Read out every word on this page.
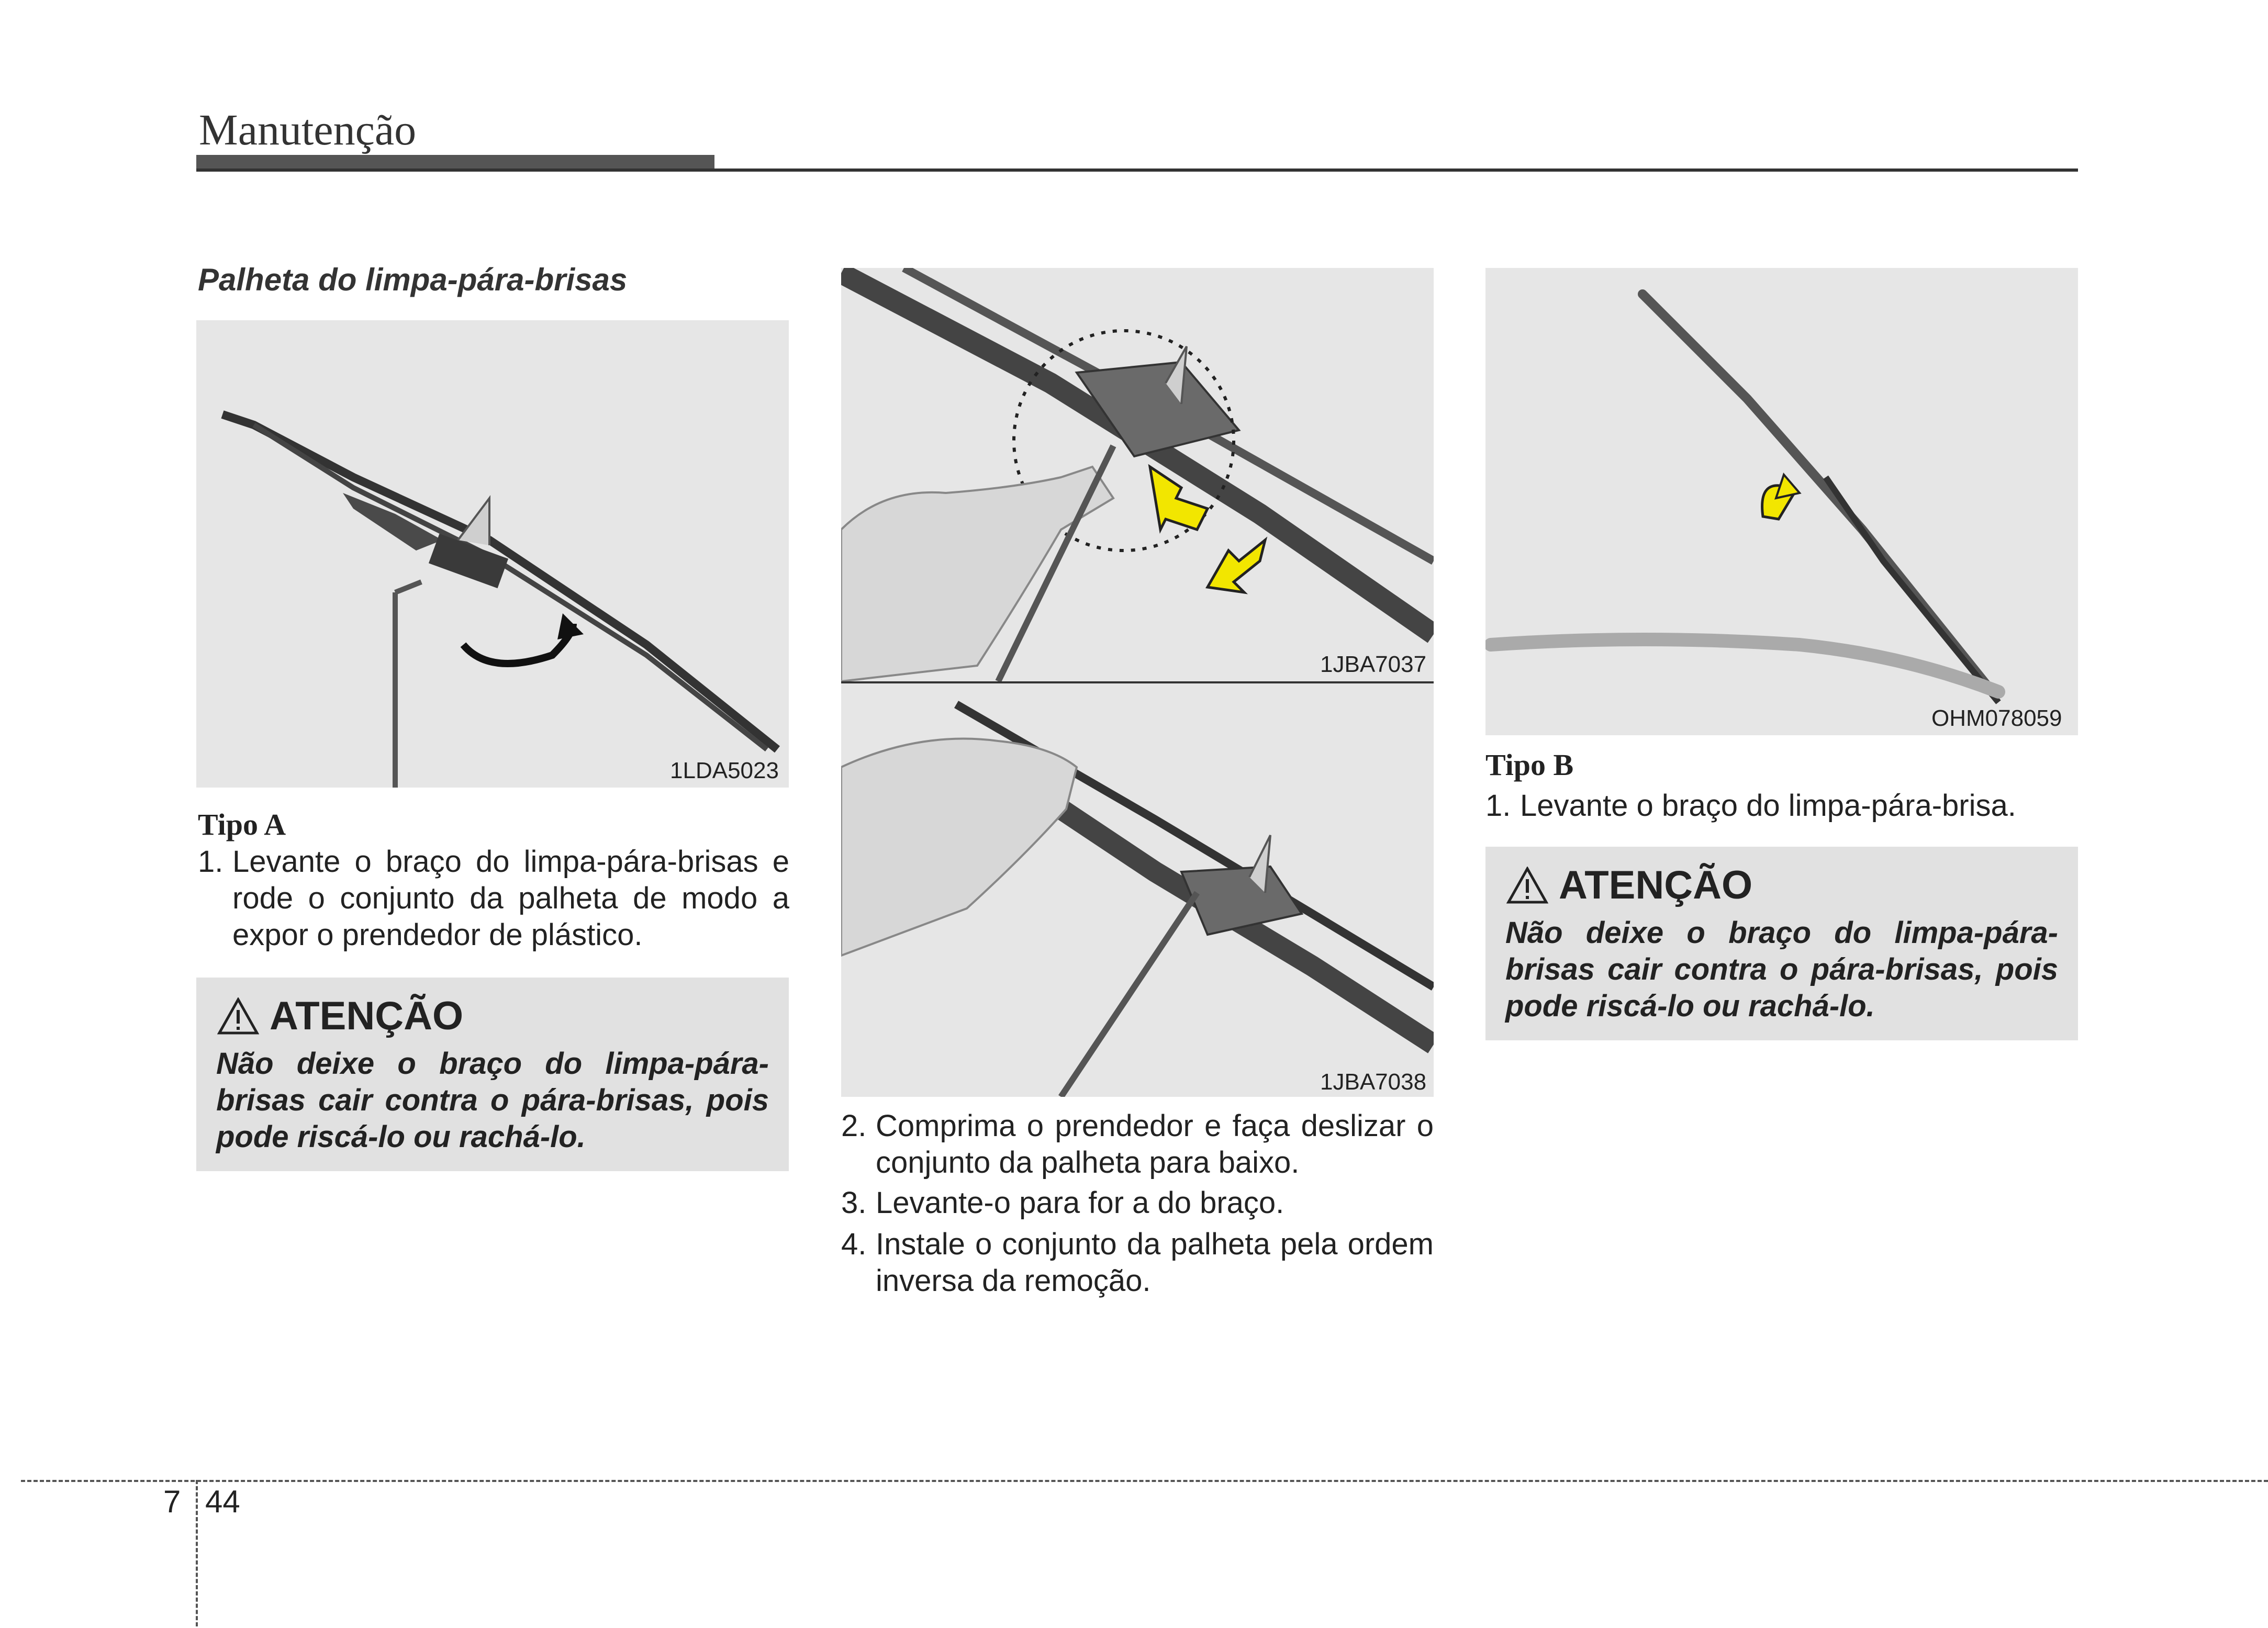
Manutenção
Palheta do limpa-pára-brisas
1LDA5023
Tipo A
1. Levante o braço do limpa-pára-brisas e rode o conjunto da palheta de modo a expor o prendedor de plástico.
ATENÇÃO
Não deixe o braço do limpa-pára-brisas cair contra o pára-brisas, pois pode riscá-lo ou rachá-lo.
1JBA7037
1JBA7038
2. Comprima o prendedor e faça deslizar o conjunto da palheta para baixo.
3. Levante-o para for a do braço.
4. Instale o conjunto da palheta pela ordem inversa da remoção.
OHM078059
Tipo B
1. Levante o braço do limpa-pára-brisa.
ATENÇÃO
Não deixe o braço do limpa-pára-brisas cair contra o pára-brisas, pois pode riscá-lo ou rachá-lo.
7 44
